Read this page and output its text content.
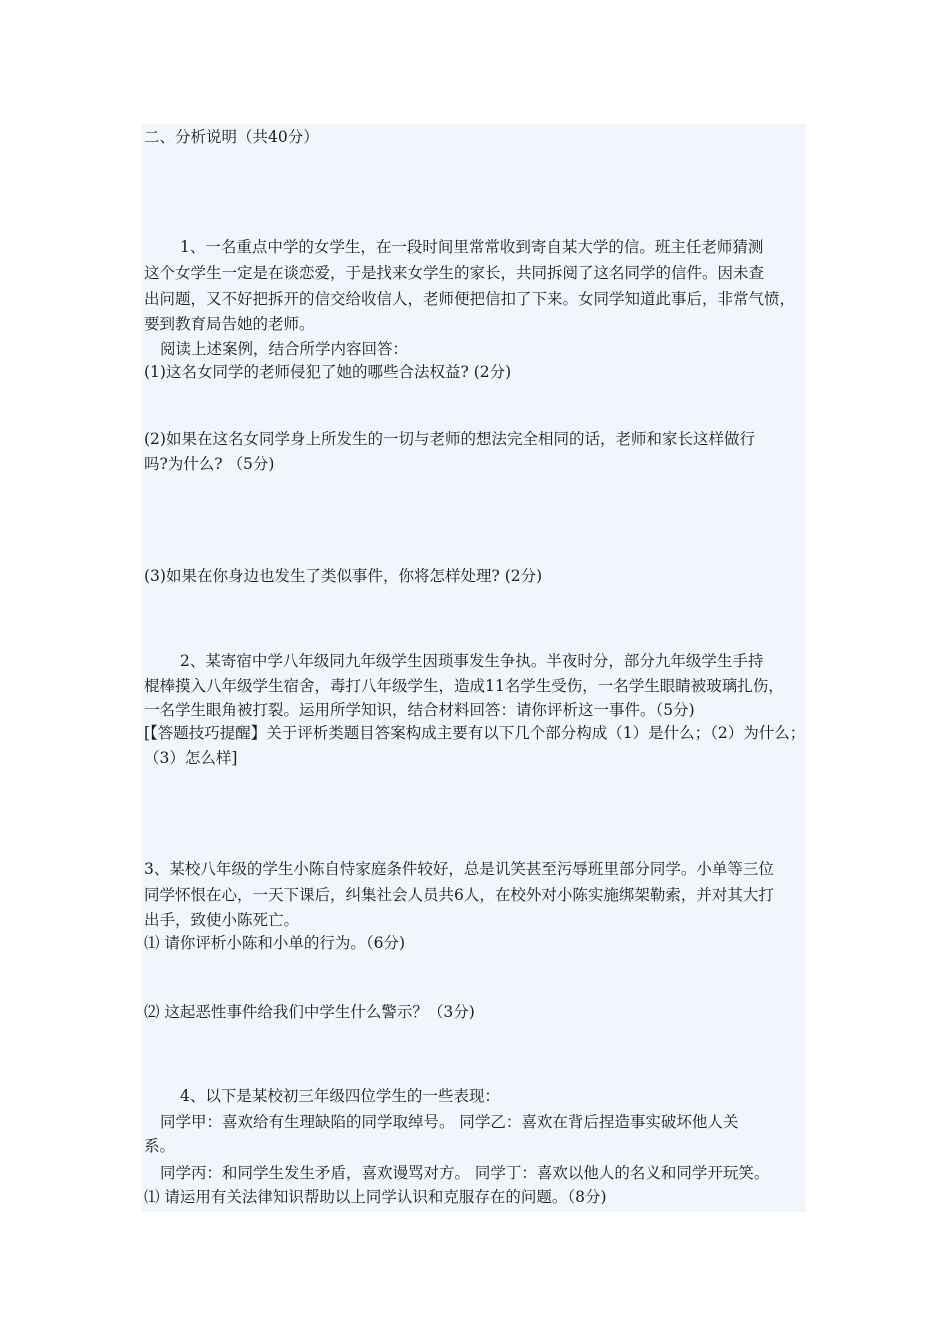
二、分析说明（共40分）
1、一名重点中学的女学生，在一段时间里常常收到寄自某大学的信。班主任老师猜测
这个女学生一定是在谈恋爱，于是找来女学生的家长，共同拆阅了这名同学的信件。因未查
出问题，又不好把拆开的信交给收信人，老师便把信扣了下来。女同学知道此事后，非常气愤，
要到教育局告她的老师。
阅读上述案例，结合所学内容回答：
(1)这名女同学的老师侵犯了她的哪些合法权益? (2分)
(2)如果在这名女同学身上所发生的一切与老师的想法完全相同的话，老师和家长这样做行
吗?为什么? （5分)
(3)如果在你身边也发生了类似事件，你将怎样处理? (2分)
2、某寄宿中学八年级同九年级学生因琐事发生争执。半夜时分，部分九年级学生手持
棍棒摸入八年级学生宿舍，毒打八年级学生，造成11名学生受伤，一名学生眼睛被玻璃扎伤，
一名学生眼角被打裂。运用所学知识，结合材料回答：请你评析这一事件。（5分)
[【答题技巧提醒】关于评析类题目答案构成主要有以下几个部分构成（1）是什么；（2）为什么；
（3）怎么样]
3、某校八年级的学生小陈自恃家庭条件较好，总是讥笑甚至污辱班里部分同学。小单等三位
同学怀恨在心，一天下课后，纠集社会人员共6人，在校外对小陈实施绑架勒索，并对其大打
出手，致使小陈死亡。
⑴ 请你评析小陈和小单的行为。（6分)
⑵ 这起恶性事件给我们中学生什么警示？（3分)
4、以下是某校初三年级四位学生的一些表现：
同学甲：喜欢给有生理缺陷的同学取绰号。 同学乙：喜欢在背后捏造事实破坏他人关
系。
同学丙：和同学生发生矛盾，喜欢谩骂对方。 同学丁：喜欢以他人的名义和同学开玩笑。
⑴ 请运用有关法律知识帮助以上同学认识和克服存在的问题。（8分)
